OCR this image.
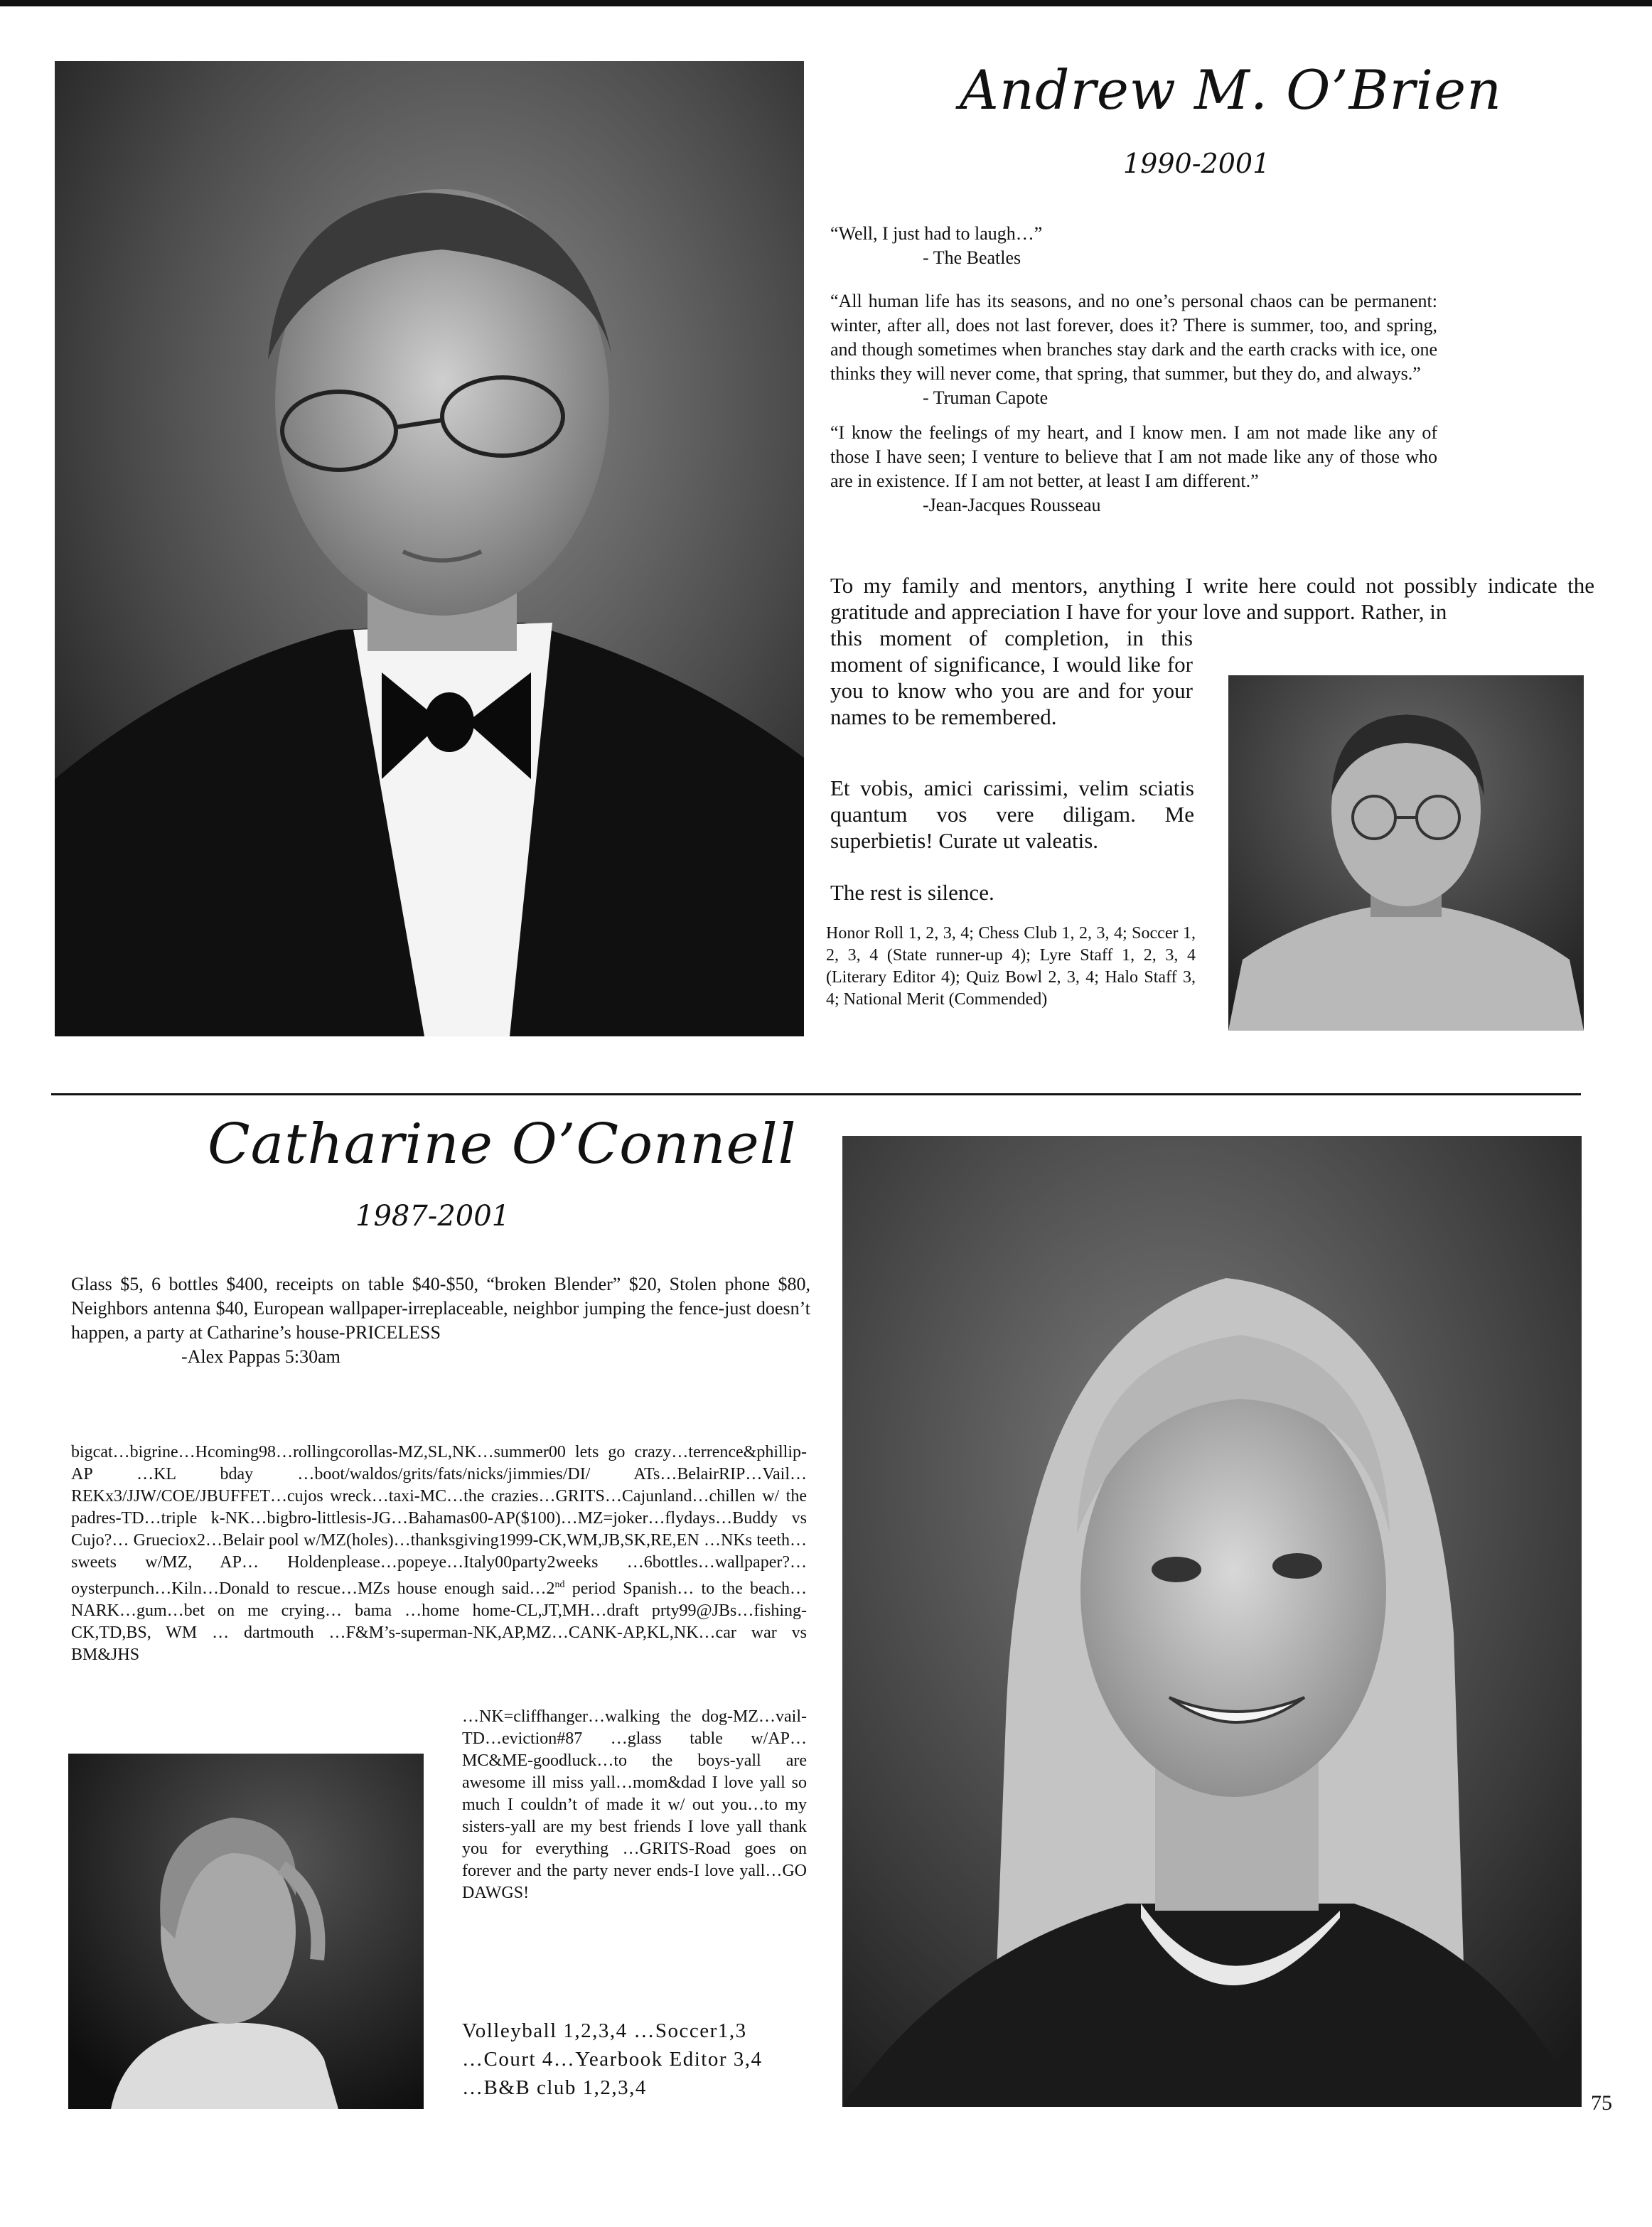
Andrew M. O’Brien
1990-2001
“Well, I just had to laugh…”
- The Beatles
“All human life has its seasons, and no one’s personal chaos can be permanent: winter, after all, does not last forever, does it? There is summer, too, and spring, and though sometimes when branches stay dark and the earth cracks with ice, one thinks they will never come, that spring, that summer, but they do, and always.”
- Truman Capote
“I know the feelings of my heart, and I know men. I am not made like any of those I have seen; I venture to believe that I am not made like any of those who are in existence. If I am not better, at least I am different.”
-Jean-Jacques Rousseau
To my family and mentors, anything I write here could not possibly indicate the gratitude and appreciation I have for your love and support. Rather, in
this moment of completion, in this moment of significance, I would like for you to know who you are and for your names to be remembered.
Et vobis, amici carissimi, velim sciatis quantum vos vere diligam. Me superbietis! Curate ut valeatis.
The rest is silence.
Honor Roll 1, 2, 3, 4; Chess Club 1, 2, 3, 4; Soccer 1, 2, 3, 4 (State runner-up 4); Lyre Staff 1, 2, 3, 4 (Literary Editor 4); Quiz Bowl 2, 3, 4; Halo Staff 3, 4; National Merit (Commended)
Catharine O’Connell
1987-2001
Glass $5, 6 bottles $400, receipts on table $40-$50, “broken Blender” $20, Stolen phone $80, Neighbors antenna $40, European wallpaper-irreplaceable, neighbor jumping the fence-just doesn’t happen, a party at Catharine’s house-PRICELESS
-Alex Pappas 5:30am
bigcat…bigrine…Hcoming98…rollingcorollas-MZ,SL,NK…summer00 lets go crazy…terrence&phillip-AP …KL bday …boot/waldos/grits/fats/nicks/jimmies/DI/ ATs…BelairRIP…Vail…REKx3/JJW/COE/JBUFFET…cujos wreck…taxi-MC…the crazies…GRITS…Cajunland…chillen w/ the padres-TD…triple k-NK…bigbro-littlesis-JG…Bahamas00-AP($100)…MZ=joker…flydays…Buddy vs Cujo?… Grueciox2…Belair pool w/MZ(holes)…thanksgiving1999-CK,WM,JB,SK,RE,EN …NKs teeth…sweets w/MZ, AP… Holdenplease…popeye…Italy00party2weeks …6bottles…wallpaper?… oysterpunch…Kiln…Donald to rescue…MZs house enough said…2nd period Spanish… to the beach…NARK…gum…bet on me crying… bama …home home-CL,JT,MH…draft prty99@JBs…fishing-CK,TD,BS, WM … dartmouth …F&M’s-superman-NK,AP,MZ…CANK-AP,KL,NK…car war vs BM&JHS
…NK=cliffhanger…walking the dog-MZ…vail-TD…eviction#87 …glass table w/AP… MC&ME-goodluck…to the boys-yall are awesome ill miss yall…mom&dad I love yall so much I couldn’t of made it w/ out you…to my sisters-yall are my best friends I love yall thank you for everything …GRITS-Road goes on forever and the party never ends-I love yall…GO DAWGS!

Volleyball 1,2,3,4 …Soccer1,3

…Court 4…Yearbook Editor 3,4

…B&B club 1,2,3,4

75
